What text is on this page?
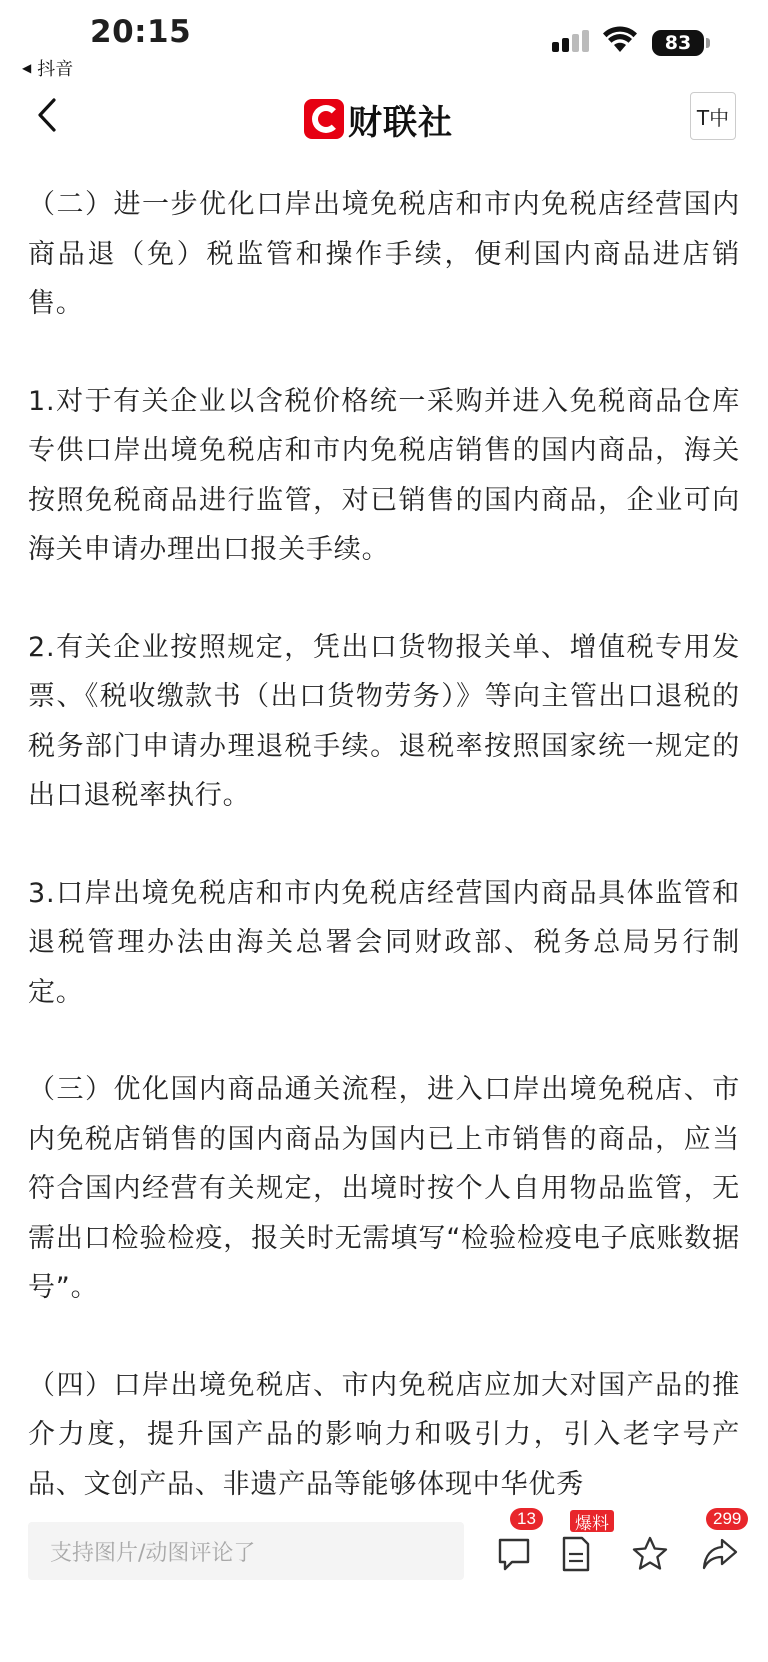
20:15
◀ 抖音
83
财联社	T中

（二）进一步优化口岸出境免税店和市内免税店经营国内商品退（免）税监管和操作手续，便利国内商品进店销售。

1.对于有关企业以含税价格统一采购并进入免税商品仓库专供口岸出境免税店和市内免税店销售的国内商品，海关按照免税商品进行监管，对已销售的国内商品，企业可向海关申请办理出口报关手续。

2.有关企业按照规定，凭出口货物报关单、增值税专用发票、《税收缴款书（出口货物劳务）》等向主管出口退税的税务部门申请办理退税手续。退税率按照国家统一规定的出口退税率执行。

3.口岸出境免税店和市内免税店经营国内商品具体监管和退税管理办法由海关总署会同财政部、税务总局另行制定。

（三）优化国内商品通关流程，进入口岸出境免税店、市内免税店销售的国内商品为国内已上市销售的商品，应当符合国内经营有关规定，出境时按个人自用物品监管，无需出口检验检疫，报关时无需填写“检验检疫电子底账数据号”。

（四）口岸出境免税店、市内免税店应加大对国产品的推介力度，提升国产品的影响力和吸引力，引入老字号产品、文创产品、非遗产品等能够体现中华优秀

支持图片/动图评论了
13	爆料	299
